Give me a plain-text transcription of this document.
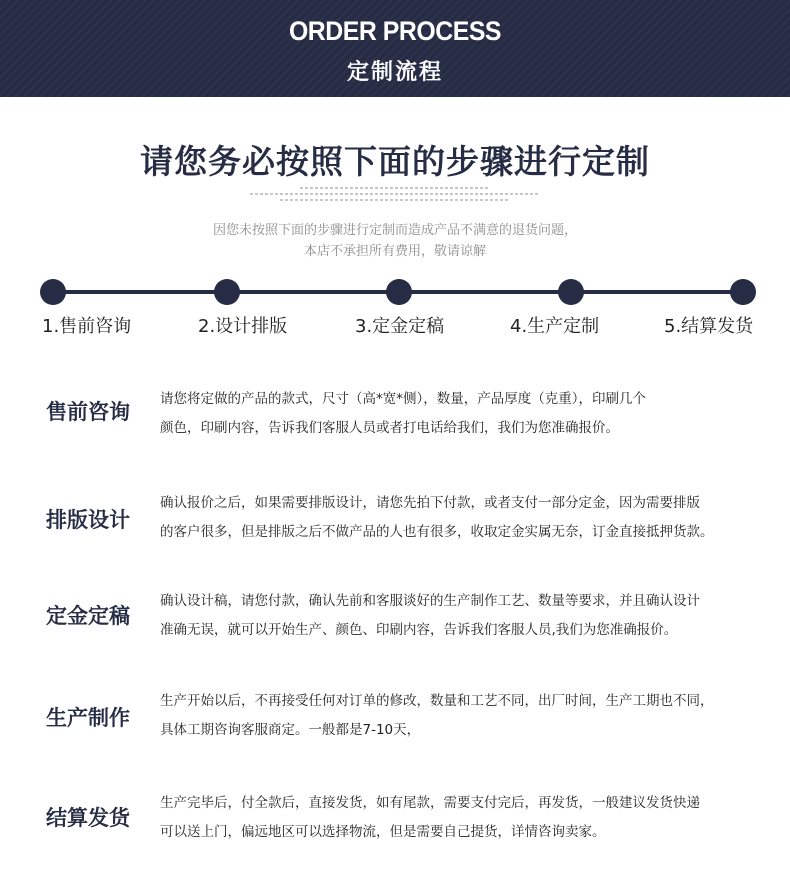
ORDER PROCESS
定制流程
请您务必按照下面的步骤进行定制
因您未按照下面的步骤进行定制而造成产品不满意的退货问题，
本店不承担所有费用，敬请谅解
1.售前咨询	2.设计排版	3.定金定稿	4.生产定制	5.结算发货
售前咨询
请您将定做的产品的款式，尺寸（高*宽*侧），数量，产品厚度（克重），印刷几个
颜色，印刷内容，告诉我们客服人员或者打电话给我们，我们为您准确报价。
排版设计
确认报价之后，如果需要排版设计，请您先拍下付款，或者支付一部分定金，因为需要排版
的客户很多，但是排版之后不做产品的人也有很多，收取定金实属无奈，订金直接抵押货款。
定金定稿
确认设计稿，请您付款，确认先前和客服谈好的生产制作工艺、数量等要求，并且确认设计
准确无误，就可以开始生产、颜色、印刷内容，告诉我们客服人员,我们为您准确报价。
生产制作
生产开始以后，不再接受任何对订单的修改，数量和工艺不同，出厂时间，生产工期也不同，
具体工期咨询客服商定。一般都是7-10天，
结算发货
生产完毕后，付全款后，直接发货，如有尾款，需要支付完后，再发货，一般建议发货快递
可以送上门，偏远地区可以选择物流，但是需要自己提货，详情咨询卖家。
